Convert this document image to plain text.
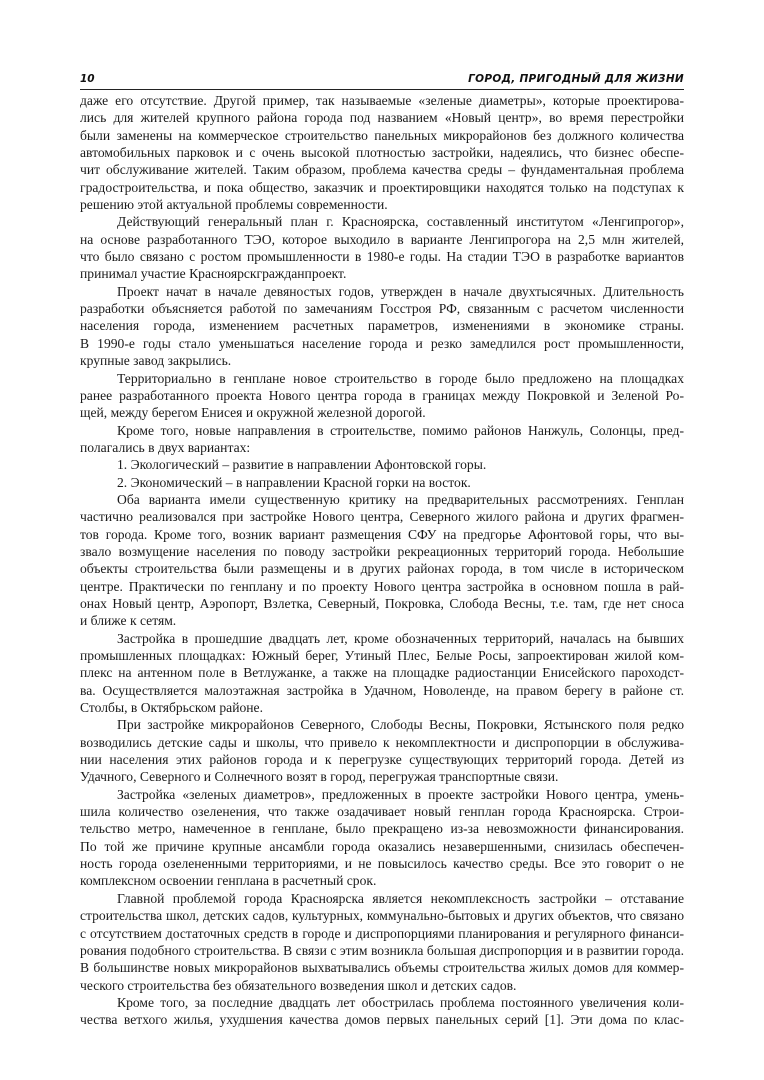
10	ГОРОД, ПРИГОДНЫЙ ДЛЯ ЖИЗНИ
даже его отсутствие. Другой пример, так называемые «зеленые диаметры», которые проектирова-
лись для жителей крупного района города под названием «Новый центр», во время перестройки
были заменены на коммерческое строительство панельных микрорайонов без должного количества
автомобильных парковок и с очень высокой плотностью застройки, надеялись, что бизнес обеспе-
чит обслуживание жителей. Таким образом, проблема качества среды – фундаментальная проблема
градостроительства, и пока общество, заказчик и проектировщики находятся только на подступах к
решению этой актуальной проблемы современности.
Действующий генеральный план г. Красноярска, составленный институтом «Ленгипрогор»,
на основе разработанного ТЭО, которое выходило в варианте Ленгипрогора на 2,5 млн жителей,
что было связано с ростом промышленности в 1980-е годы. На стадии ТЭО в разработке вариантов
принимал участие Красноярскгражданпроект.
Проект начат в начале девяностых годов, утвержден в начале двухтысячных. Длительность
разработки объясняется работой по замечаниям Госстроя РФ, связанным с расчетом численности
населения города, изменением расчетных параметров, изменениями в экономике страны.
В 1990-е годы стало уменьшаться население города и резко замедлился рост промышленности,
крупные завод закрылись.
Территориально в генплане новое строительство в городе было предложено на площадках
ранее разработанного проекта Нового центра города в границах между Покровкой и Зеленой Ро-
щей, между берегом Енисея и окружной железной дорогой.
Кроме того, новые направления в строительстве, помимо районов Нанжуль, Солонцы, пред-
полагались в двух вариантах:
1. Экологический – развитие в направлении Афонтовской горы.
2. Экономический – в направлении Красной горки на восток.
Оба варианта имели существенную критику на предварительных рассмотрениях. Генплан
частично реализовался при застройке Нового центра, Северного жилого района и других фрагмен-
тов города. Кроме того, возник вариант размещения СФУ на предгорье Афонтовой горы, что вы-
звало возмущение населения по поводу застройки рекреационных территорий города. Небольшие
объекты строительства были размещены и в других районах города, в том числе в историческом
центре. Практически по генплану и по проекту Нового центра застройка в основном пошла в рай-
онах Новый центр, Аэропорт, Взлетка, Северный, Покровка, Слобода Весны, т.е. там, где нет сноса
и ближе к сетям.
Застройка в прошедшие двадцать лет, кроме обозначенных территорий, началась на бывших
промышленных площадках: Южный берег, Утиный Плес, Белые Росы, запроектирован жилой ком-
плекс на антенном поле в Ветлужанке, а также на площадке радиостанции Енисейского пароходст-
ва. Осуществляется малоэтажная застройка в Удачном, Новоленде, на правом берегу в районе ст.
Столбы, в Октябрьском районе.
При застройке микрорайонов Северного, Слободы Весны, Покровки, Ястынского поля редко
возводились детские сады и школы, что привело к некомплектности и диспропорции в обслужива-
нии населения этих районов города и к перегрузке существующих территорий города. Детей из
Удачного, Северного и Солнечного возят в город, перегружая транспортные связи.
Застройка «зеленых диаметров», предложенных в проекте застройки Нового центра, умень-
шила количество озеленения, что также озадачивает новый генплан города Красноярска. Строи-
тельство метро, намеченное в генплане, было прекращено из-за невозможности финансирования.
По той же причине крупные ансамбли города оказались незавершенными, снизилась обеспечен-
ность города озелененными территориями, и не повысилось качество среды. Все это говорит о не
комплексном освоении генплана в расчетный срок.
Главной проблемой города Красноярска является некомплексность застройки – отставание
строительства школ, детских садов, культурных, коммунально-бытовых и других объектов, что связано
с отсутствием достаточных средств в городе и диспропорциями планирования и регулярного финанси-
рования подобного строительства. В связи с этим возникла большая диспропорция и в развитии города.
В большинстве новых микрорайонов выхватывались объемы строительства жилых домов для коммер-
ческого строительства без обязательного возведения школ и детских садов.
Кроме того, за последние двадцать лет обострилась проблема постоянного увеличения коли-
чества ветхого жилья, ухудшения качества домов первых панельных серий [1]. Эти дома по клас-
